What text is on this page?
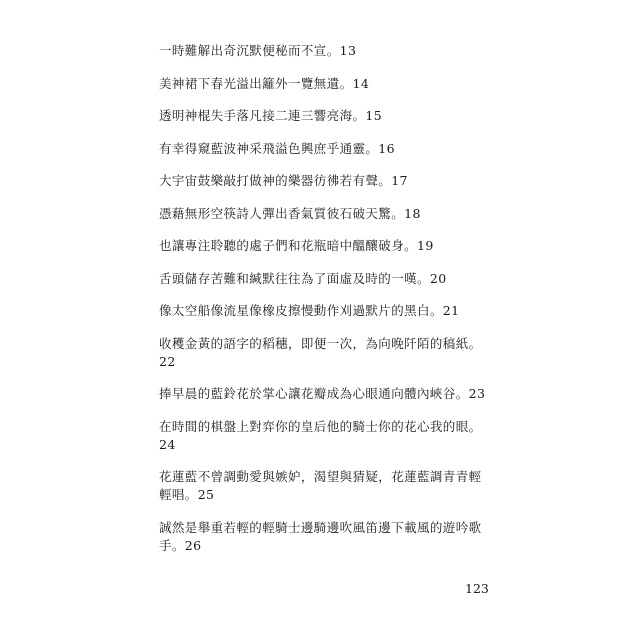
一時難解出奇沉默便秘而不宣。13
美神裙下春光溢出籬外一覽無遺。14
透明神棍失手落凡接二連三響亮海。15
有幸得窺藍波神采飛溢色興庶乎通靈。16
大宇宙鼓樂敲打做神的樂器彷彿若有聲。17
憑藉無形空筷詩人彈出香氣質彼石破天驚。18
也讓專注聆聽的處子們和花瓶暗中醞釀破身。19
舌頭儲存苦難和緘默往往為了面虛及時的一嘆。20
像太空船像流星像橡皮擦慢動作刈過默片的黑白。21
收穫金黃的語字的稻穗，即便一次，為向晚阡陌的稿紙。22
捧早晨的藍鈴花於掌心讓花瓣成為心眼通向體內峽谷。23
在時間的棋盤上對弈你的皇后他的騎士你的花心我的眼。24
花蓮藍不曾調動愛與嫉妒，渴望與猜疑，花蓮藍調青青輕輕唱。25
誠然是舉重若輕的輕騎士邊騎邊吹風笛邊下載風的遊吟歌手。26
123
